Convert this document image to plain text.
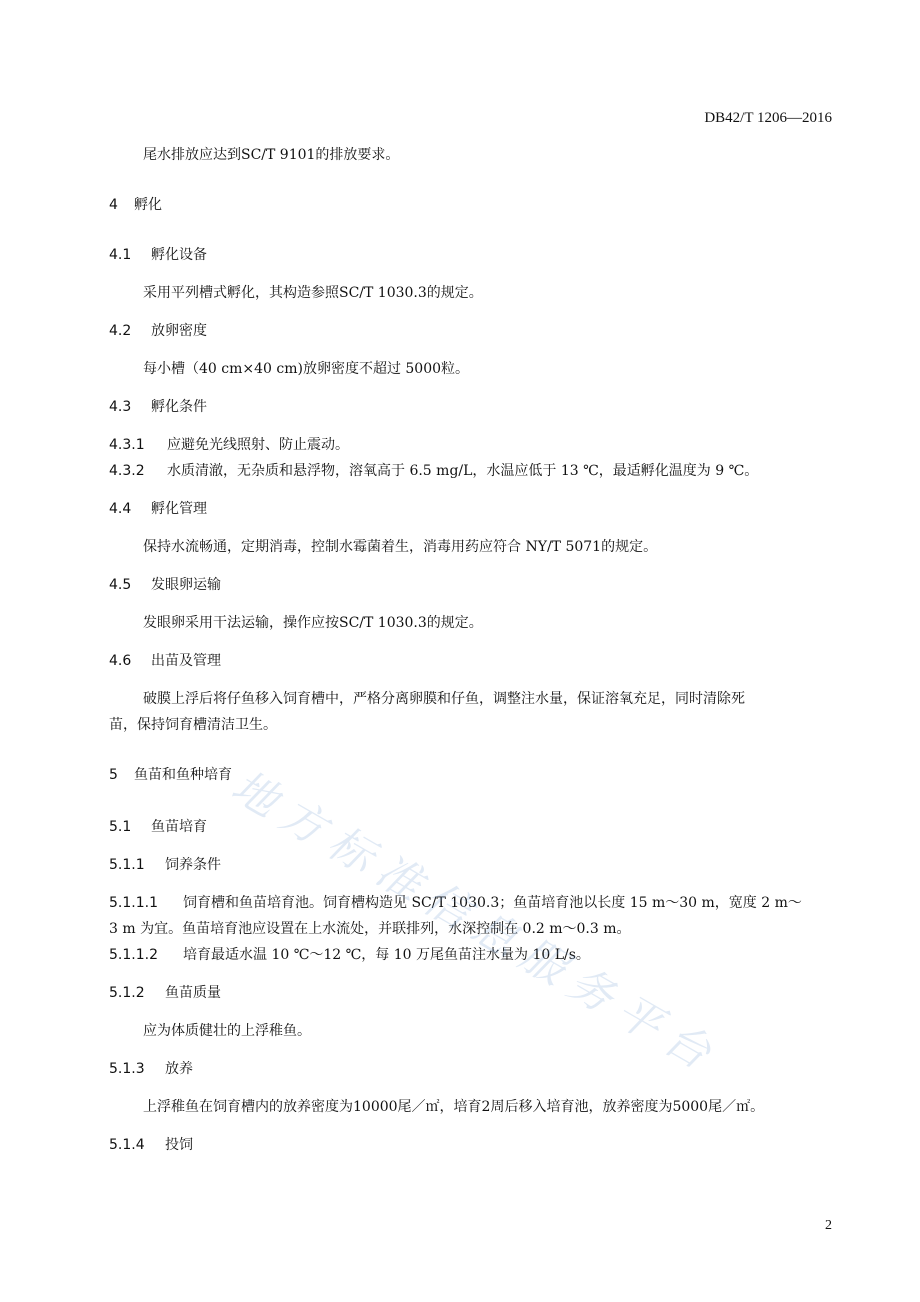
DB42/T 1206—2016
尾水排放应达到SC/T 9101的排放要求。
4 孵化
4.1 孵化设备
采用平列槽式孵化，其构造参照SC/T 1030.3的规定。
4.2 放卵密度
每小槽（40 cm×40 cm)放卵密度不超过 5000粒。
4.3 孵化条件
4.3.1 应避免光线照射、防止震动。
4.3.2 水质清澈，无杂质和悬浮物，溶氧高于 6.5 mg/L，水温应低于 13 ℃，最适孵化温度为 9 ℃。
4.4 孵化管理
保持水流畅通，定期消毒，控制水霉菌着生，消毒用药应符合 NY/T 5071的规定。
4.5 发眼卵运输
发眼卵采用干法运输，操作应按SC/T 1030.3的规定。
4.6 出苗及管理
破膜上浮后将仔鱼移入饲育槽中，严格分离卵膜和仔鱼，调整注水量，保证溶氧充足，同时清除死
苗，保持饲育槽清洁卫生。
5 鱼苗和鱼种培育
5.1 鱼苗培育
5.1.1 饲养条件
5.1.1.1 饲育槽和鱼苗培育池。饲育槽构造见 SC/T 1030.3；鱼苗培育池以长度 15 m～30 m，宽度 2 m～
3 m 为宜。鱼苗培育池应设置在上水流处，并联排列，水深控制在 0.2 m～0.3 m。
5.1.1.2 培育最适水温 10 ℃～12 ℃，每 10 万尾鱼苗注水量为 10 L/s。
5.1.2 鱼苗质量
应为体质健壮的上浮稚鱼。
5.1.3 放养
上浮稚鱼在饲育槽内的放养密度为10000尾／㎡，培育2周后移入培育池，放养密度为5000尾／㎡。
5.1.4 投饲
地
方
标
准
信
息
服
务
平
台
2
